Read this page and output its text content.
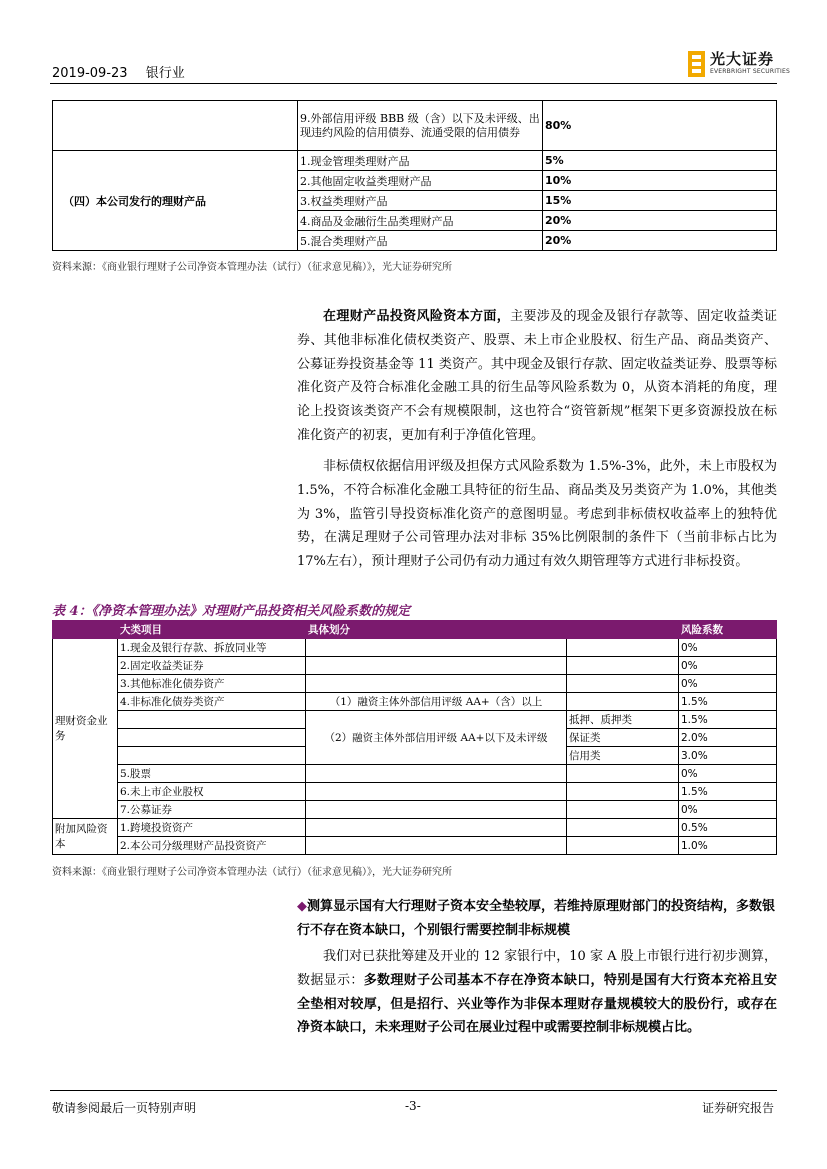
2019-09-23 银行业
光大证券
EVERBRIGHT SECURITIES
	9.外部信用评级 BBB 级（含）以下及未评级、出现违约风险的信用债券、流通受限的信用债券	80%
（四）本公司发行的理财产品	1.现金管理类理财产品	5%
	2.其他固定收益类理财产品	10%
	3.权益类理财产品	15%
	4.商品及金融衍生品类理财产品	20%
	5.混合类理财产品	20%
资料来源：《商业银行理财子公司净资本管理办法（试行）（征求意见稿）》，光大证券研究所

在理财产品投资风险资本方面，主要涉及的现金及银行存款等、固定收益类证券、其他非标准化债权类资产、股票、未上市企业股权、衍生产品、商品类资产、公募证券投资基金等 11 类资产。其中现金及银行存款、固定收益类证券、股票等标准化资产及符合标准化金融工具的衍生品等风险系数为 0，从资本消耗的角度，理论上投资该类资产不会有规模限制，这也符合“资管新规”框架下更多资源投放在标准化资产的初衷，更加有利于净值化管理。

非标债权依据信用评级及担保方式风险系数为 1.5%-3%，此外，未上市股权为 1.5%，不符合标准化金融工具特征的衍生品、商品类及另类资产为 1.0%，其他类为 3%，监管引导投资标准化资产的意图明显。考虑到非标债权收益率上的独特优势，在满足理财子公司管理办法对非标 35%比例限制的条件下（当前非标占比为 17%左右），预计理财子公司仍有动力通过有效久期管理等方式进行非标投资。

表 4：《净资本管理办法》对理财产品投资相关风险系数的规定
	大类项目	具体划分		风险系数
理财资金业务	1.现金及银行存款、拆放同业等			0%
	2.固定收益类证券			0%
	3.其他标准化债券资产			0%
	4.非标准化债券类资产	（1）融资主体外部信用评级 AA+（含）以上		1.5%
		（2）融资主体外部信用评级 AA+以下及未评级	抵押、质押类	1.5%
			保证类	2.0%
			信用类	3.0%
	5.股票			0%
	6.未上市企业股权			1.5%
	7.公募证券			0%
附加风险资本	1.跨境投资资产			0.5%
	2.本公司分级理财产品投资资产			1.0%
资料来源：《商业银行理财子公司净资本管理办法（试行）（征求意见稿）》，光大证券研究所
◆测算显示国有大行理财子资本安全垫较厚，若维持原理财部门的投资结构，多数银行不存在资本缺口，个别银行需要控制非标规模

我们对已获批筹建及开业的 12 家银行中，10 家 A 股上市银行进行初步测算，数据显示：多数理财子公司基本不存在净资本缺口，特别是国有大行资本充裕且安全垫相对较厚，但是招行、兴业等作为非保本理财存量规模较大的股份行，或存在净资本缺口，未来理财子公司在展业过程中或需要控制非标规模占比。

敬请参阅最后一页特别声明	-3-	证券研究报告
